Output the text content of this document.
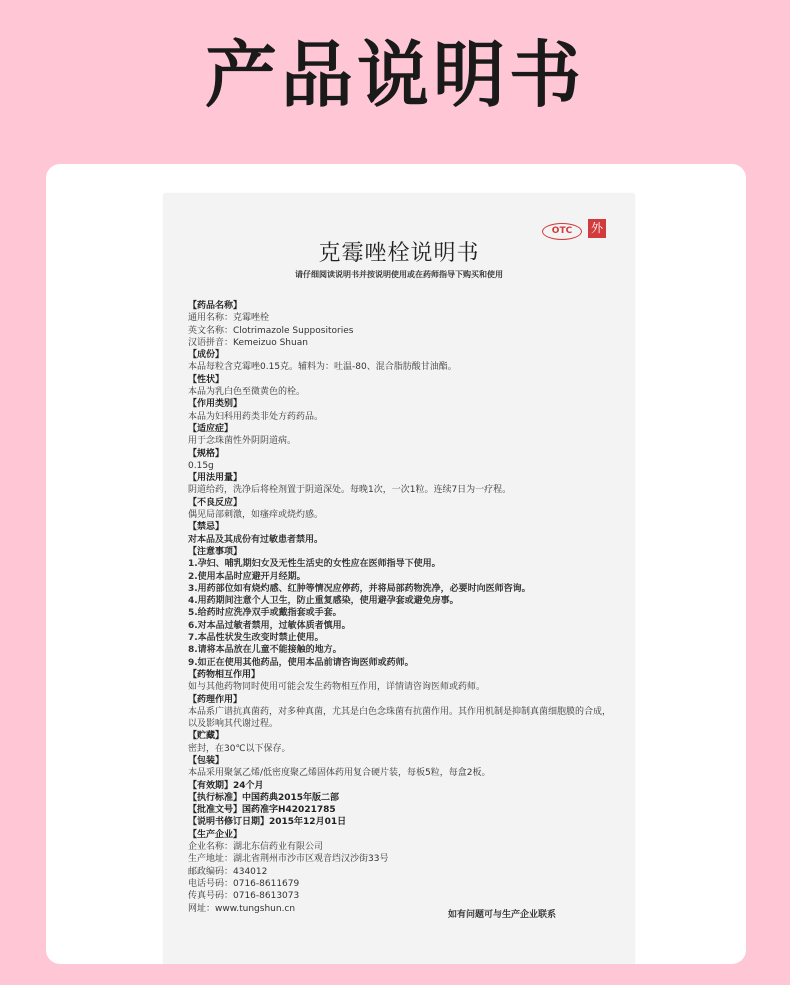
产品说明书
OTC	外
克霉唑栓说明书
请仔细阅读说明书并按说明使用或在药师指导下购买和使用
【药品名称】
通用名称：克霉唑栓
英文名称：Clotrimazole Suppositories
汉语拼音：Kemeizuo Shuan
【成份】
本品每粒含克霉唑0.15克。辅料为：吐温-80、混合脂肪酸甘油酯。
【性状】
本品为乳白色至微黄色的栓。
【作用类别】
本品为妇科用药类非处方药药品。
【适应症】
用于念珠菌性外阴阴道病。
【规格】
0.15g
【用法用量】
阴道给药，洗净后将栓剂置于阴道深处。每晚1次，一次1粒。连续7日为一疗程。
【不良反应】
偶见局部刺激，如瘙痒或烧灼感。
【禁忌】
对本品及其成份有过敏患者禁用。
【注意事项】
1.孕妇、哺乳期妇女及无性生活史的女性应在医师指导下使用。
2.使用本品时应避开月经期。
3.用药部位如有烧灼感、红肿等情况应停药，并将局部药物洗净，必要时向医师咨询。
4.用药期间注意个人卫生，防止重复感染，使用避孕套或避免房事。
5.给药时应洗净双手或戴指套或手套。
6.对本品过敏者禁用，过敏体质者慎用。
7.本品性状发生改变时禁止使用。
8.请将本品放在儿童不能接触的地方。
9.如正在使用其他药品，使用本品前请咨询医师或药师。
【药物相互作用】
如与其他药物同时使用可能会发生药物相互作用，详情请咨询医师或药师。
【药理作用】
本品系广谱抗真菌药，对多种真菌，尤其是白色念珠菌有抗菌作用。其作用机制是抑制真菌细胞膜的合成，以及影响其代谢过程。
【贮藏】
密封，在30℃以下保存。
【包装】
本品采用聚氯乙烯/低密度聚乙烯固体药用复合硬片装，每板5粒，每盒2板。
【有效期】24个月
【执行标准】中国药典2015年版二部
【批准文号】国药准字H42021785
【说明书修订日期】2015年12月01日
【生产企业】
企业名称：湖北东信药业有限公司
生产地址：湖北省荆州市沙市区观音垱汉沙街33号
邮政编码：434012
电话号码：0716-8611679
传真号码：0716-8613073
网址：www.tungshun.cn
如有问题可与生产企业联系
